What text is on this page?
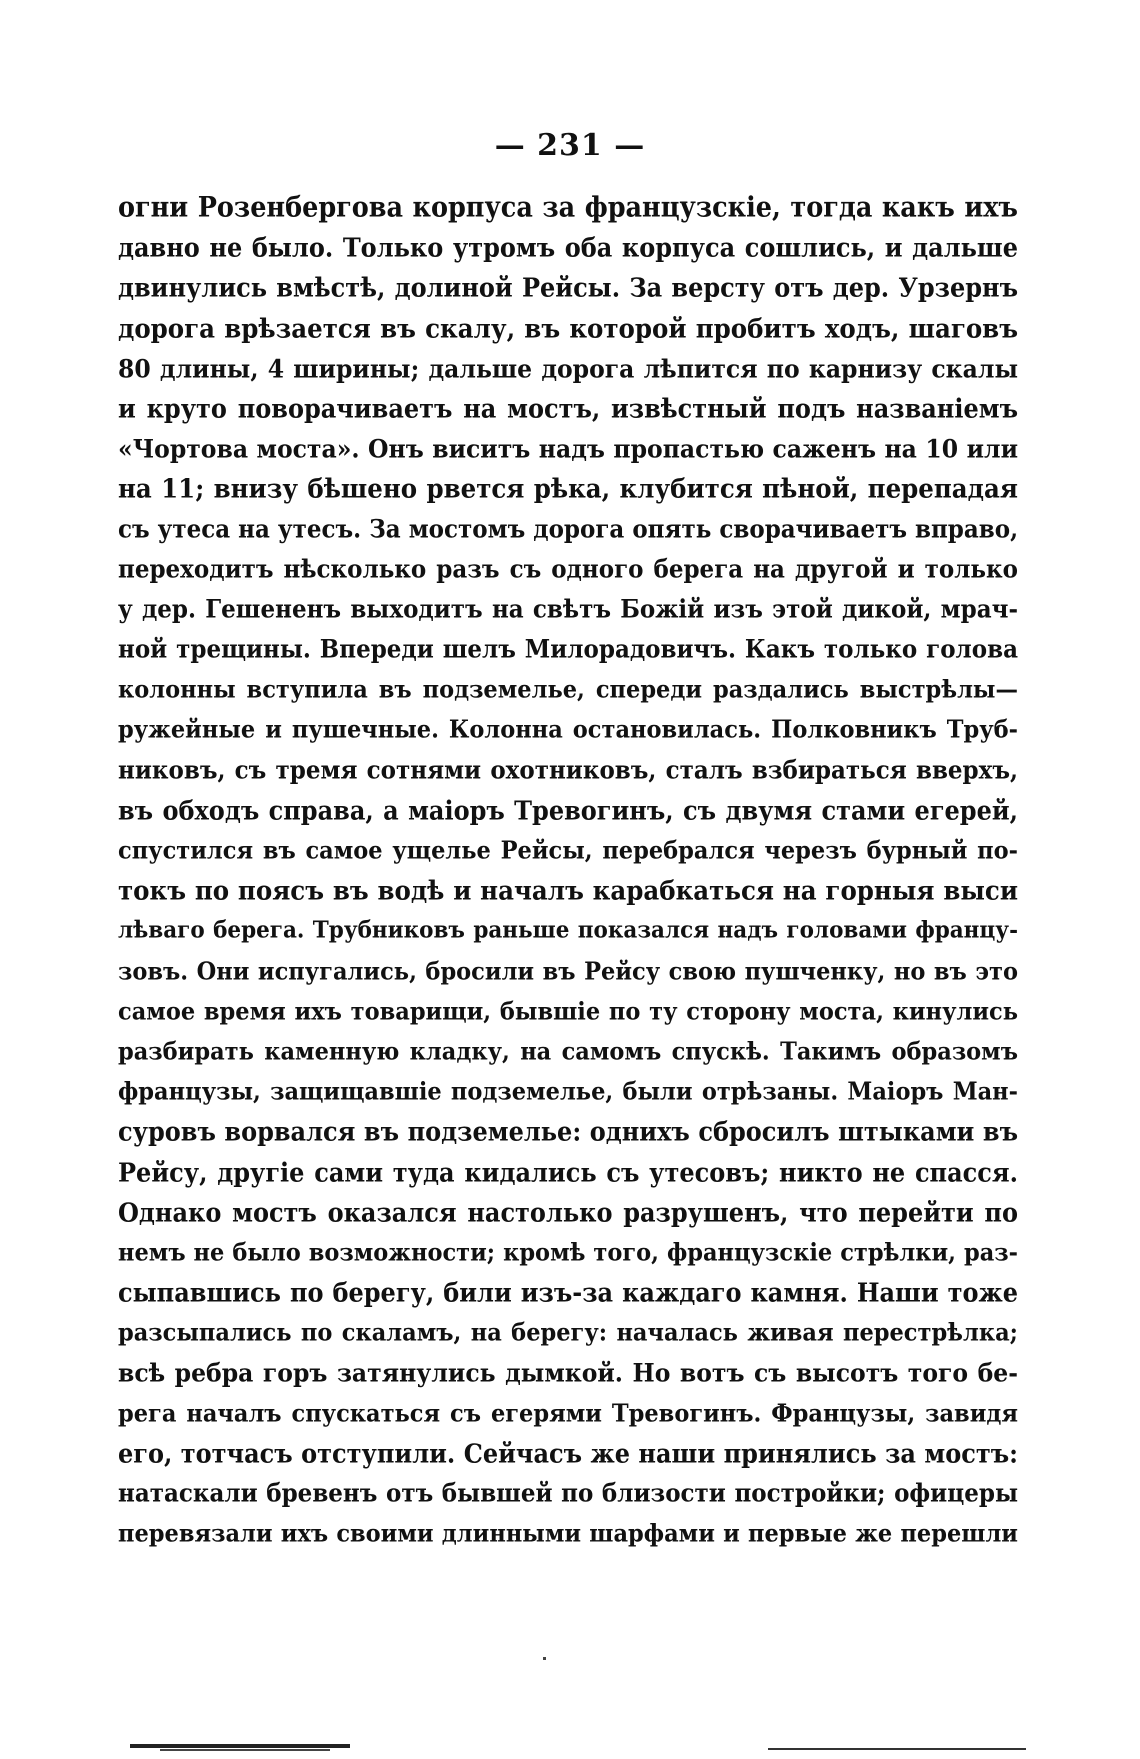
— 231 —
огни Розенбергова корпуса за французскіе, тогда какъ ихъ
давно не было. Только утромъ оба корпуса сошлись, и дальше
двинулись вмѣстѣ, долиной Рейсы. За версту отъ дер. Урзернъ
дорога врѣзается въ скалу, въ которой пробитъ ходъ, шаговъ
80 длины, 4 ширины; дальше дорога лѣпится по карнизу скалы
и круто поворачиваетъ на мостъ, извѣстный подъ названіемъ
«Чортова моста». Онъ виситъ надъ пропастью саженъ на 10 или
на 11; внизу бѣшено рвется рѣка, клубится пѣной, перепадая
съ утеса на утесъ. За мостомъ дорога опять сворачиваетъ вправо,
переходитъ нѣсколько разъ съ одного берега на другой и только
у дер. Гешененъ выходитъ на свѣтъ Божій изъ этой дикой, мрач-
ной трещины. Впереди шелъ Милорадовичъ. Какъ только голова
колонны вступила въ подземелье, спереди раздались выстрѣлы—
ружейные и пушечные. Колонна остановилась. Полковникъ Труб-
никовъ, съ тремя сотнями охотниковъ, сталъ взбираться вверхъ,
въ обходъ справа, а маіоръ Тревогинъ, съ двумя стами егерей,
спустился въ самое ущелье Рейсы, перебрался черезъ бурный по-
токъ по поясъ въ водѣ и началъ карабкаться на горныя выси
лѣваго берега. Трубниковъ раньше показался надъ головами францу-
зовъ. Они испугались, бросили въ Рейсу свою пушченку, но въ это
самое время ихъ товарищи, бывшіе по ту сторону моста, кинулись
разбирать каменную кладку, на самомъ спускѣ. Такимъ образомъ
французы, защищавшіе подземелье, были отрѣзаны. Маіоръ Ман-
суровъ ворвался въ подземелье: однихъ сбросилъ штыками въ
Рейсу, другіе сами туда кидались съ утесовъ; никто не спасся.
Однако мостъ оказался настолько разрушенъ, что перейти по
немъ не было возможности; кромѣ того, французскіе стрѣлки, раз-
сыпавшись по берегу, били изъ-за каждаго камня. Наши тоже
разсыпались по скаламъ, на берегу: началась живая перестрѣлка;
всѣ ребра горъ затянулись дымкой. Но вотъ съ высотъ того бе-
рега началъ спускаться съ егерями Тревогинъ. Французы, завидя
его, тотчасъ отступили. Сейчасъ же наши принялись за мостъ:
натаскали бревенъ отъ бывшей по близости постройки; офицеры
перевязали ихъ своими длинными шарфами и первые же перешли
